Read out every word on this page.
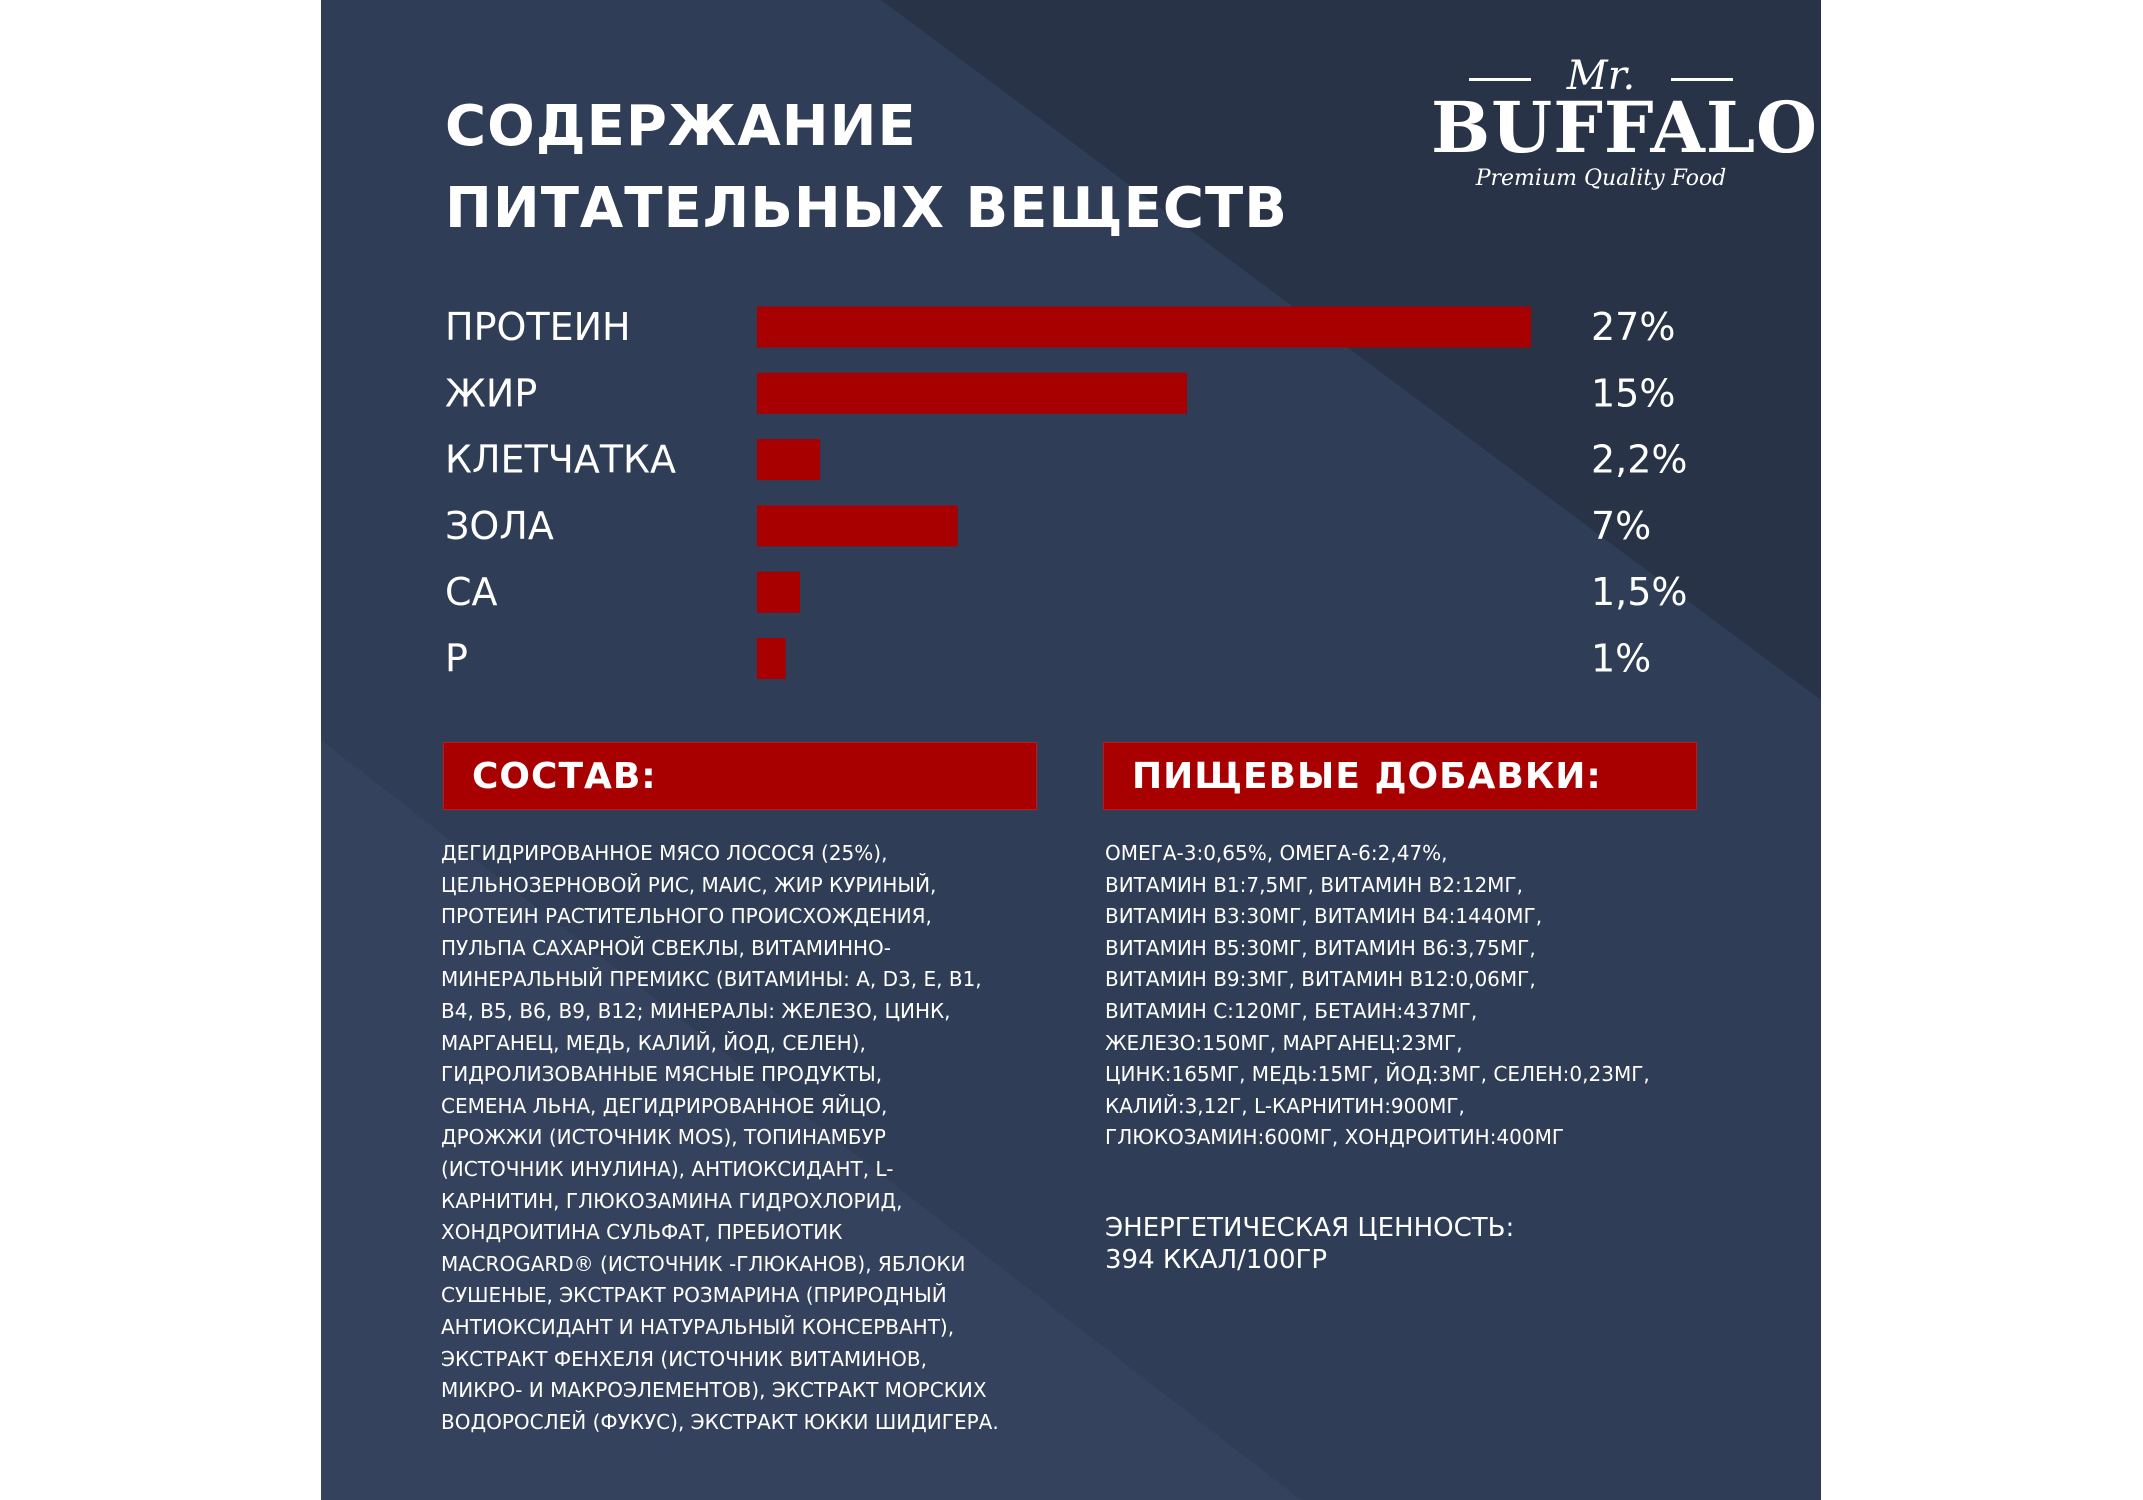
СОДЕРЖАНИЕ
ПИТАТЕЛЬНЫХ ВЕЩЕСТВ
Mr.
BUFFALO
Premium Quality Food
ПРОТЕИН	27%
ЖИР	15%
КЛЕТЧАТКА	2,2%
ЗОЛА	7%
CA	1,5%
P	1%
СОСТАВ:	ПИЩЕВЫЕ ДОБАВКИ:

ДЕГИДРИРОВАННОЕ МЯСО ЛОСОСЯ (25%),
ЦЕЛЬНОЗЕРНОВОЙ РИС, МАИС, ЖИР КУРИНЫЙ,
ПРОТЕИН РАСТИТЕЛЬНОГО ПРОИСХОЖДЕНИЯ,
ПУЛЬПА САХАРНОЙ СВЕКЛЫ, ВИТАМИННО-
МИНЕРАЛЬНЫЙ ПРЕМИКС (ВИТАМИНЫ: A, D3, E, B1,
B4, B5, B6, B9, B12; МИНЕРАЛЫ: ЖЕЛЕЗО, ЦИНК,
МАРГАНЕЦ, МЕДЬ, КАЛИЙ, ЙОД, СЕЛЕН),
ГИДРОЛИЗОВАННЫЕ МЯСНЫЕ ПРОДУКТЫ,
СЕМЕНА ЛЬНА, ДЕГИДРИРОВАННОЕ ЯЙЦО,
ДРОЖЖИ (ИСТОЧНИК MOS), ТОПИНАМБУР
(ИСТОЧНИК ИНУЛИНА), АНТИОКСИДАНТ, L-
КАРНИТИН, ГЛЮКОЗАМИНА ГИДРОХЛОРИД,
ХОНДРОИТИНА СУЛЬФАТ, ПРЕБИОТИК
MACROGARD® (ИСТОЧНИК -ГЛЮКАНОВ), ЯБЛОКИ
СУШЕНЫЕ, ЭКСТРАКТ РОЗМАРИНА (ПРИРОДНЫЙ
АНТИОКСИДАНТ И НАТУРАЛЬНЫЙ КОНСЕРВАНТ),
ЭКСТРАКТ ФЕНХЕЛЯ (ИСТОЧНИК ВИТАМИНОВ,
МИКРО- И МАКРОЭЛЕМЕНТОВ), ЭКСТРАКТ МОРСКИХ
ВОДОРОСЛЕЙ (ФУКУС), ЭКСТРАКТ ЮККИ ШИДИГЕРА.

ОМЕГА-3:0,65%, ОМЕГА-6:2,47%,
ВИТАМИН B1:7,5МГ, ВИТАМИН B2:12МГ,
ВИТАМИН B3:30МГ, ВИТАМИН B4:1440МГ,
ВИТАМИН B5:30МГ, ВИТАМИН B6:3,75МГ,
ВИТАМИН B9:3МГ, ВИТАМИН B12:0,06МГ,
ВИТАМИН C:120МГ, БЕТАИН:437МГ,
ЖЕЛЕЗО:150МГ, МАРГАНЕЦ:23МГ,
ЦИНК:165МГ, МЕДЬ:15МГ, ЙОД:3МГ, СЕЛЕН:0,23МГ,
КАЛИЙ:3,12Г, L-КАРНИТИН:900МГ,
ГЛЮКОЗАМИН:600МГ, ХОНДРОИТИН:400МГ

ЭНЕРГЕТИЧЕСКАЯ ЦЕННОСТЬ:
394 ККАЛ/100ГР
